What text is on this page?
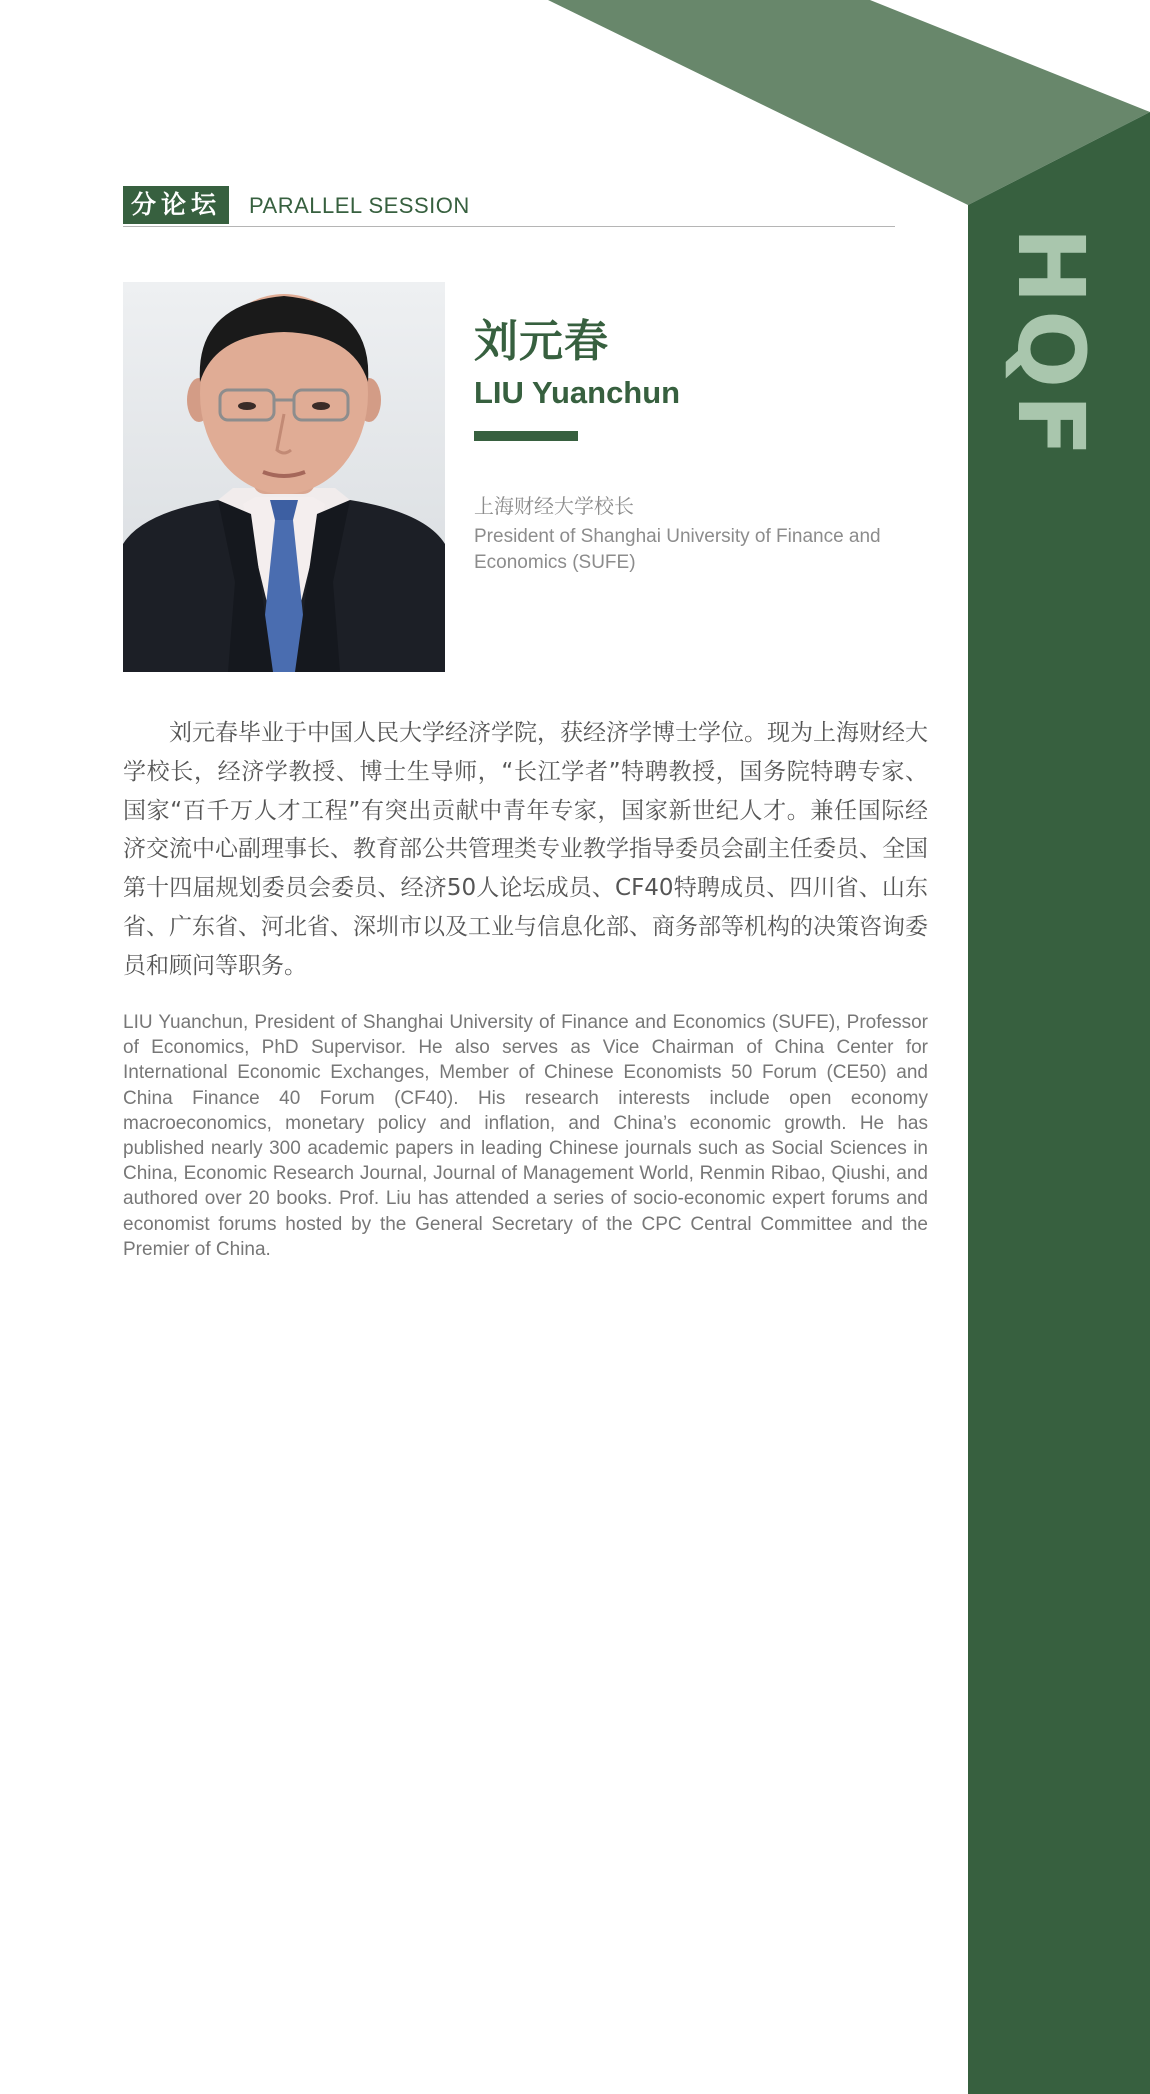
HQF
分论坛	PARALLEL SESSION
刘元春
LIU Yuanchun
上海财经大学校长
President of Shanghai University of Finance and Economics (SUFE)

刘元春毕业于中国人民大学经济学院，获经济学博士学位。现为上海财经大学校长，经济学教授、博士生导师，“长江学者”特聘教授，国务院特聘专家、国家“百千万人才工程”有突出贡献中青年专家，国家新世纪人才。兼任国际经济交流中心副理事长、教育部公共管理类专业教学指导委员会副主任委员、全国第十四届规划委员会委员、经济50人论坛成员、CF40特聘成员、四川省、山东省、广东省、河北省、深圳市以及工业与信息化部、商务部等机构的决策咨询委员和顾问等职务。

LIU Yuanchun, President of Shanghai University of Finance and Economics (SUFE), Professor of Economics, PhD Supervisor. He also serves as Vice Chairman of China Center for International Economic Exchanges, Member of Chinese Economists 50 Forum (CE50) and China Finance 40 Forum (CF40). His research interests include open economy macroeconomics, monetary policy and inflation, and China’s economic growth. He has published nearly 300 academic papers in leading Chinese journals such as Social Sciences in China, Economic Research Journal, Journal of Management World, Renmin Ribao, Qiushi, and authored over 20 books. Prof. Liu has attended a series of socio-economic expert forums and economist forums hosted by the General Secretary of the CPC Central Committee and the Premier of China.
